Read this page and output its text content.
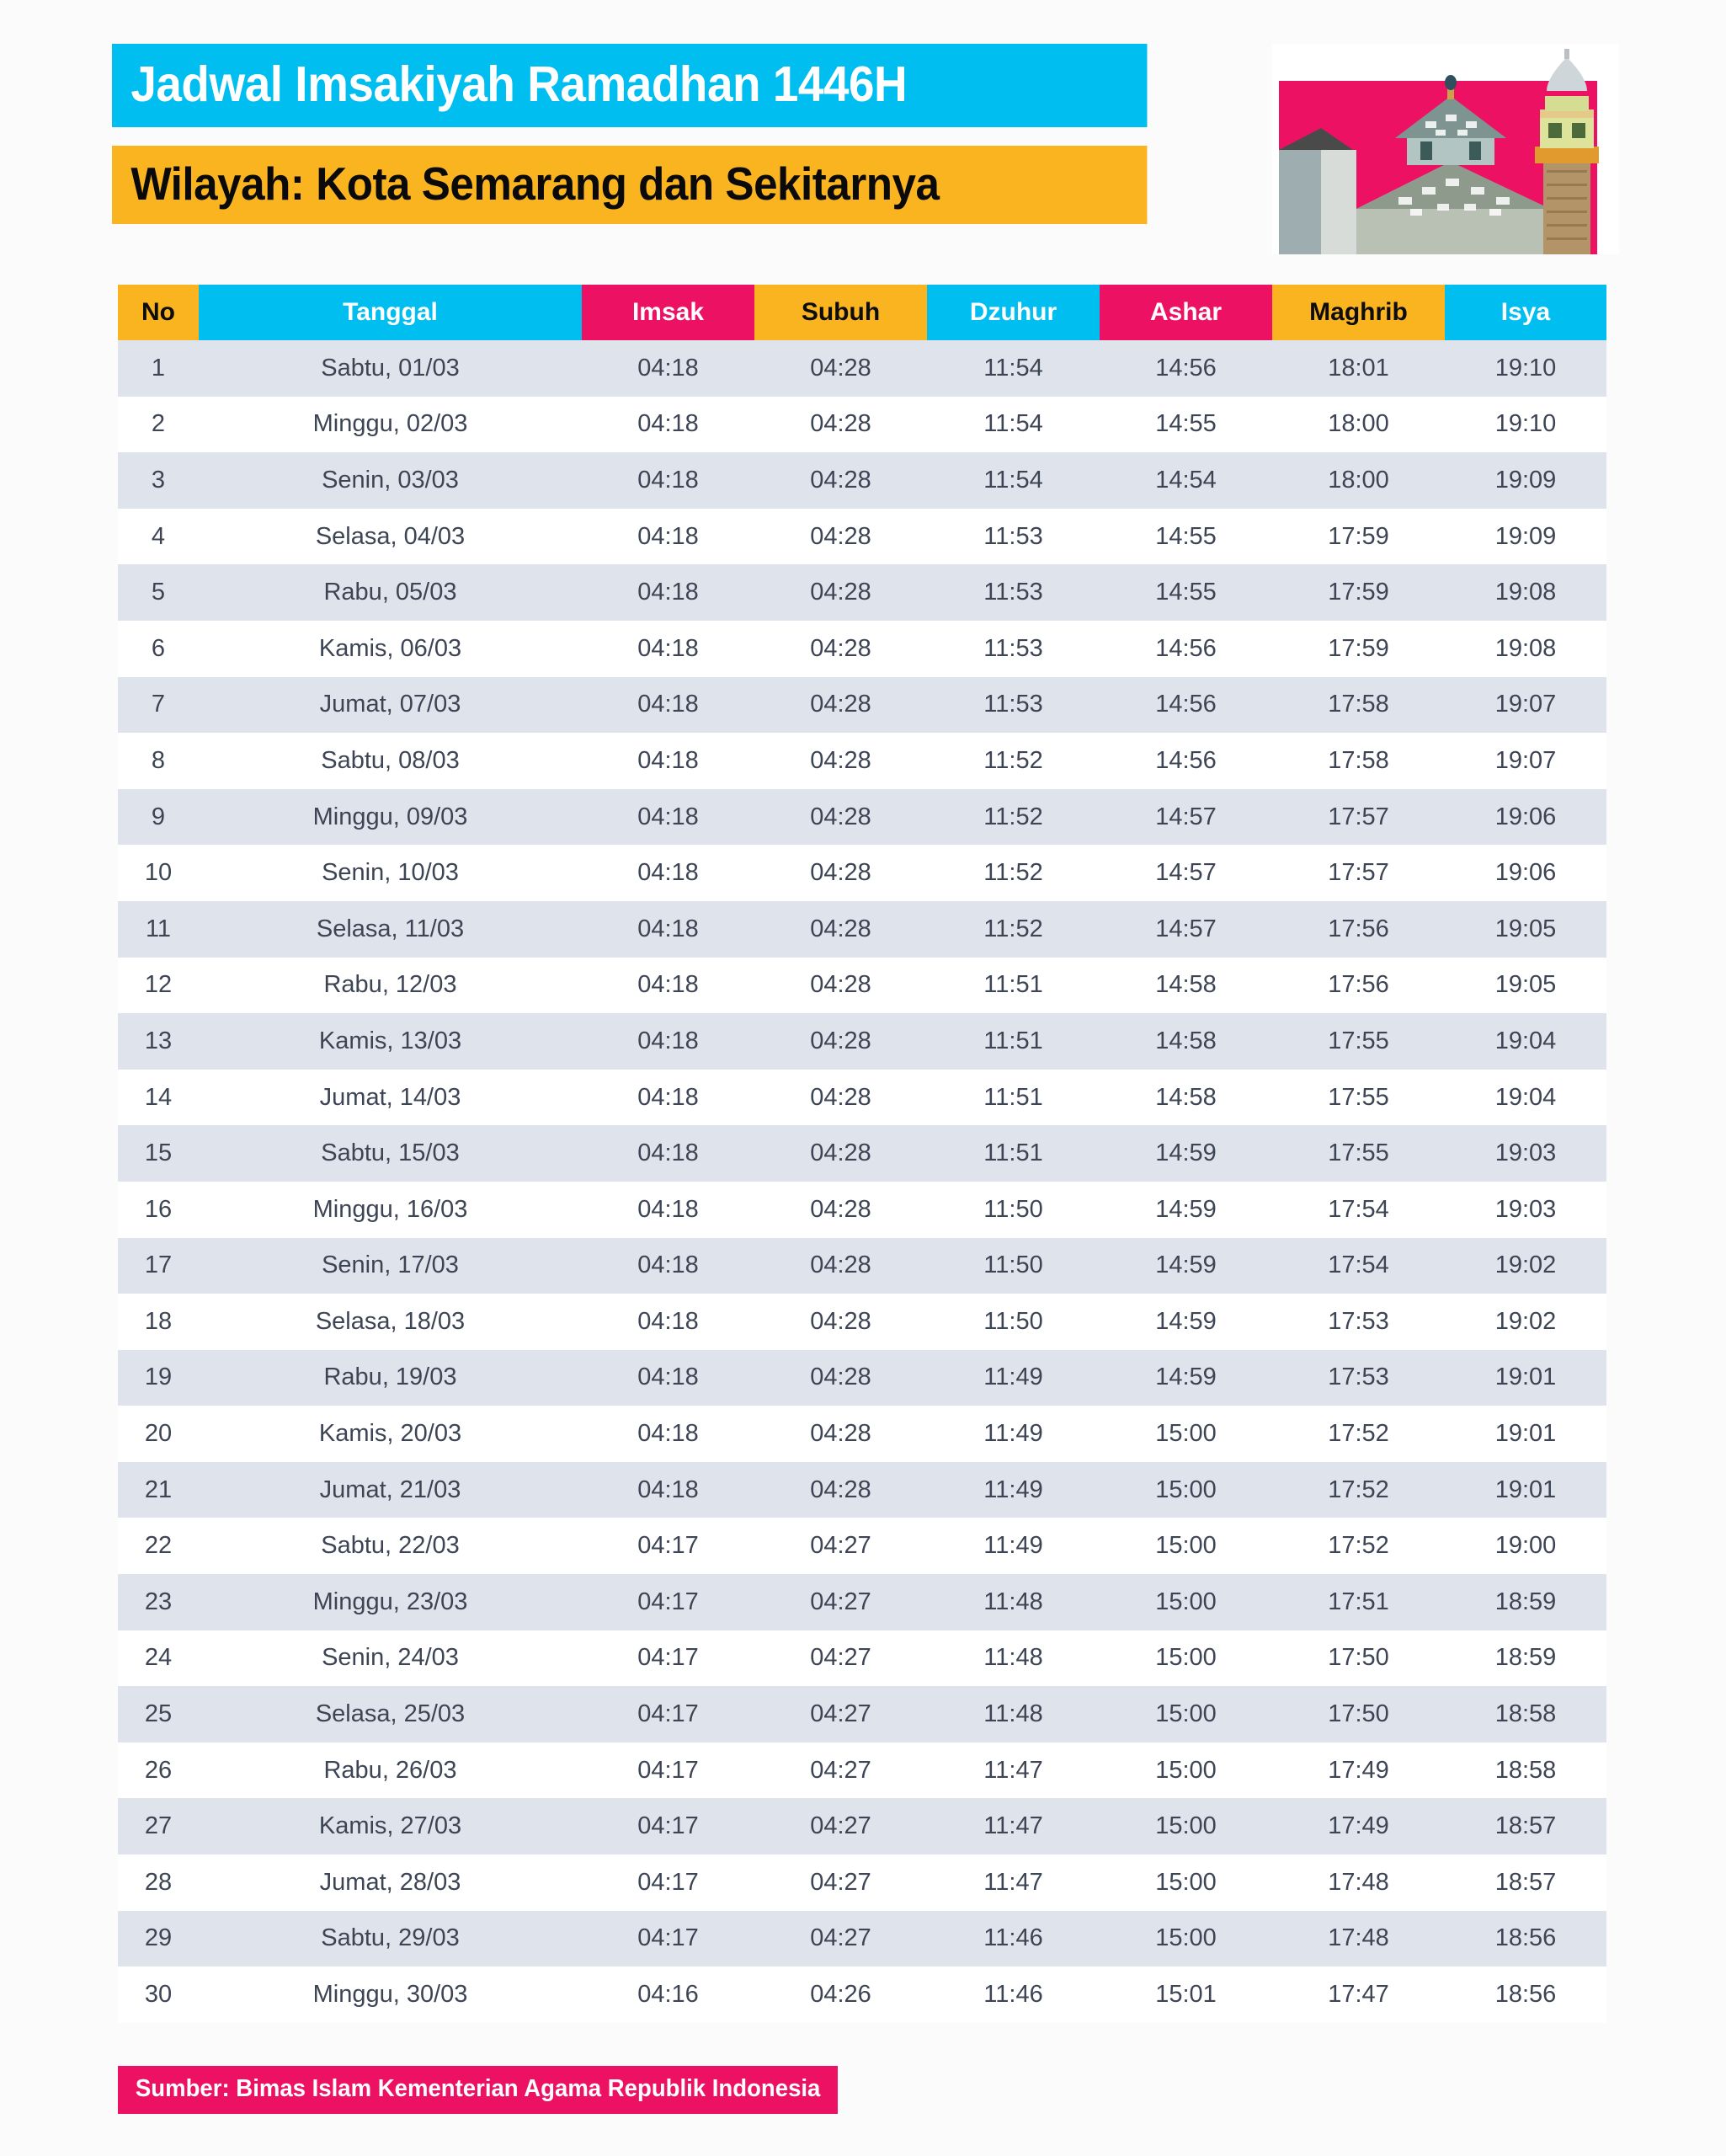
Jadwal Imsakiyah Ramadhan 1446H
Wilayah: Kota Semarang dan Sekitarnya
No	Tanggal	Imsak	Subuh	Dzuhur	Ashar	Maghrib	Isya
1	Sabtu, 01/03	04:18	04:28	11:54	14:56	18:01	19:10
2	Minggu, 02/03	04:18	04:28	11:54	14:55	18:00	19:10
3	Senin, 03/03	04:18	04:28	11:54	14:54	18:00	19:09
4	Selasa, 04/03	04:18	04:28	11:53	14:55	17:59	19:09
5	Rabu, 05/03	04:18	04:28	11:53	14:55	17:59	19:08
6	Kamis, 06/03	04:18	04:28	11:53	14:56	17:59	19:08
7	Jumat, 07/03	04:18	04:28	11:53	14:56	17:58	19:07
8	Sabtu, 08/03	04:18	04:28	11:52	14:56	17:58	19:07
9	Minggu, 09/03	04:18	04:28	11:52	14:57	17:57	19:06
10	Senin, 10/03	04:18	04:28	11:52	14:57	17:57	19:06
11	Selasa, 11/03	04:18	04:28	11:52	14:57	17:56	19:05
12	Rabu, 12/03	04:18	04:28	11:51	14:58	17:56	19:05
13	Kamis, 13/03	04:18	04:28	11:51	14:58	17:55	19:04
14	Jumat, 14/03	04:18	04:28	11:51	14:58	17:55	19:04
15	Sabtu, 15/03	04:18	04:28	11:51	14:59	17:55	19:03
16	Minggu, 16/03	04:18	04:28	11:50	14:59	17:54	19:03
17	Senin, 17/03	04:18	04:28	11:50	14:59	17:54	19:02
18	Selasa, 18/03	04:18	04:28	11:50	14:59	17:53	19:02
19	Rabu, 19/03	04:18	04:28	11:49	14:59	17:53	19:01
20	Kamis, 20/03	04:18	04:28	11:49	15:00	17:52	19:01
21	Jumat, 21/03	04:18	04:28	11:49	15:00	17:52	19:01
22	Sabtu, 22/03	04:17	04:27	11:49	15:00	17:52	19:00
23	Minggu, 23/03	04:17	04:27	11:48	15:00	17:51	18:59
24	Senin, 24/03	04:17	04:27	11:48	15:00	17:50	18:59
25	Selasa, 25/03	04:17	04:27	11:48	15:00	17:50	18:58
26	Rabu, 26/03	04:17	04:27	11:47	15:00	17:49	18:58
27	Kamis, 27/03	04:17	04:27	11:47	15:00	17:49	18:57
28	Jumat, 28/03	04:17	04:27	11:47	15:00	17:48	18:57
29	Sabtu, 29/03	04:17	04:27	11:46	15:00	17:48	18:56
30	Minggu, 30/03	04:16	04:26	11:46	15:01	17:47	18:56
Sumber: Bimas Islam Kementerian Agama Republik Indonesia
